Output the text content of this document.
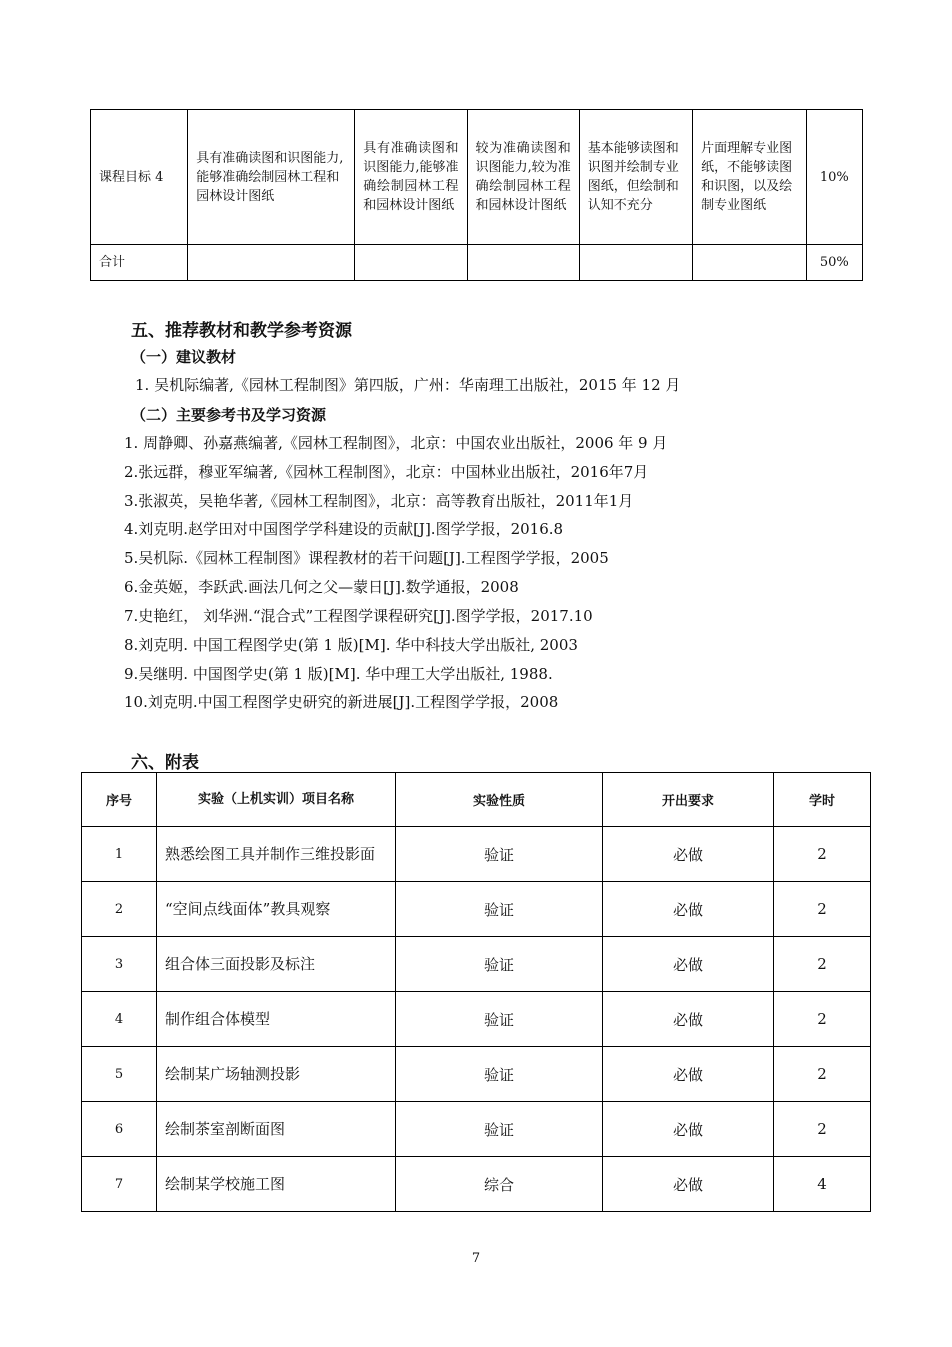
课程目标 4	具有准确读图和识图能力,能够准确绘制园林工程和园林设计图纸	具有准确读图和识图能力,能够准确绘制园林工程和园林设计图纸	较为准确读图和识图能力,较为准确绘制园林工程和园林设计图纸	基本能够读图和识图并绘制专业图纸，但绘制和认知不充分	片面理解专业图纸，不能够读图和识图，以及绘制专业图纸	10%
合计						50%
五、推荐教材和教学参考资源
（一）建议教材
1. 吴机际编著,《园林工程制图》第四版，广州：华南理工出版社，2015 年 12 月
（二）主要参考书及学习资源
1. 周静卿、孙嘉燕编著,《园林工程制图》，北京：中国农业出版社，2006 年 9 月
2.张远群，穆亚军编著,《园林工程制图》，北京：中国林业出版社，2016年7月
3.张淑英，吴艳华著,《园林工程制图》，北京：高等教育出版社，2011年1月
4.刘克明.赵学田对中国图学学科建设的贡献[J].图学学报，2016.8
5.吴机际.《园林工程制图》课程教材的若干问题[J].工程图学学报，2005
6.金英姬，李跃武.画法几何之父—蒙日[J].数学通报，2008
7.史艳红， 刘华洲.“混合式”工程图学课程研究[J].图学学报，2017.10
8.刘克明. 中国工程图学史(第 1 版)[M]. 华中科技大学出版社, 2003
9.吴继明. 中国图学史(第 1 版)[M]. 华中理工大学出版社, 1988.
10.刘克明.中国工程图学史研究的新进展[J].工程图学学报，2008
六、附表
序号	实验（上机实训）项目名称	实验性质	开出要求	学时
1	熟悉绘图工具并制作三维投影面	验证	必做	2
2	“空间点线面体”教具观察	验证	必做	2
3	组合体三面投影及标注	验证	必做	2
4	制作组合体模型	验证	必做	2
5	绘制某广场轴测投影	验证	必做	2
6	绘制茶室剖断面图	验证	必做	2
7	绘制某学校施工图	综合	必做	4
7
